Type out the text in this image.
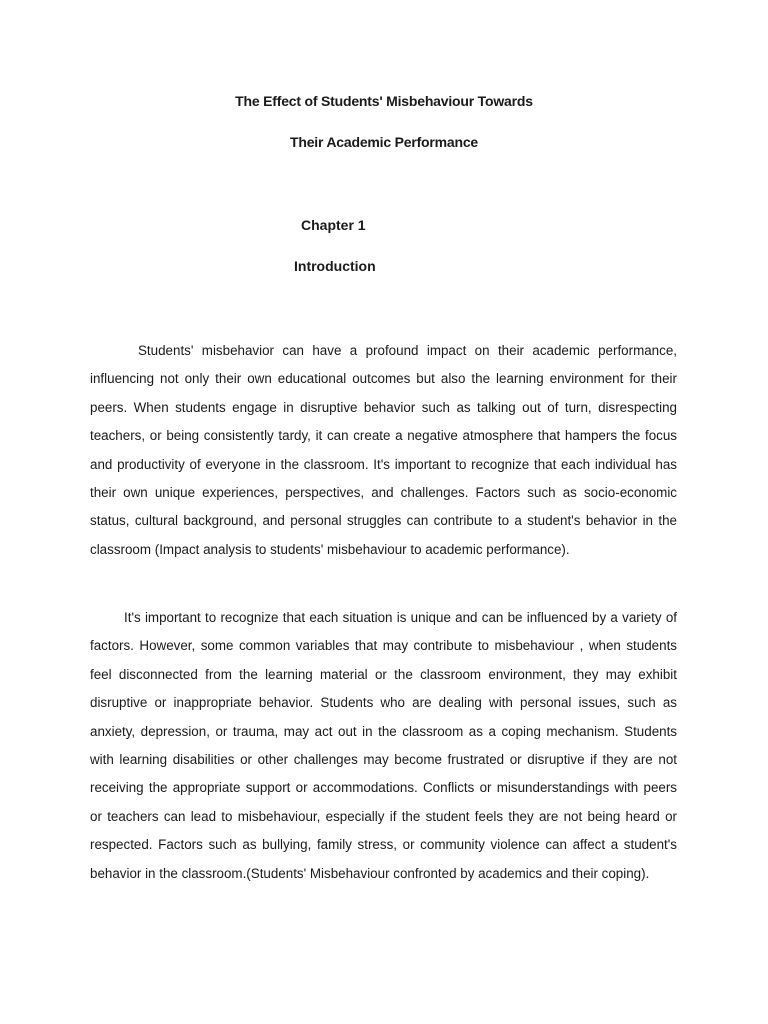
The Effect of Students' Misbehaviour Towards
Their Academic Performance
Chapter 1
Introduction

Students' misbehavior can have a profound impact on their academic performance, influencing not only their own educational outcomes but also the learning environment for their peers. When students engage in disruptive behavior such as talking out of turn, disrespecting teachers, or being consistently tardy, it can create a negative atmosphere that hampers the focus and productivity of everyone in the classroom. It's important to recognize that each individual has their own unique experiences, perspectives, and challenges. Factors such as socio-economic status, cultural background, and personal struggles can contribute to a student's behavior in the classroom (Impact analysis to students' misbehaviour to academic performance).

It's important to recognize that each situation is unique and can be influenced by a variety of factors. However, some common variables that may contribute to misbehaviour , when students feel disconnected from the learning material or the classroom environment, they may exhibit disruptive or inappropriate behavior. Students who are dealing with personal issues, such as anxiety, depression, or trauma, may act out in the classroom as a coping mechanism. Students with learning disabilities or other challenges may become frustrated or disruptive if they are not receiving the appropriate support or accommodations. Conflicts or misunderstandings with peers or teachers can lead to misbehaviour, especially if the student feels they are not being heard or respected. Factors such as bullying, family stress, or community violence can affect a student's behavior in the classroom.(Students' Misbehaviour confronted by academics and their coping).
